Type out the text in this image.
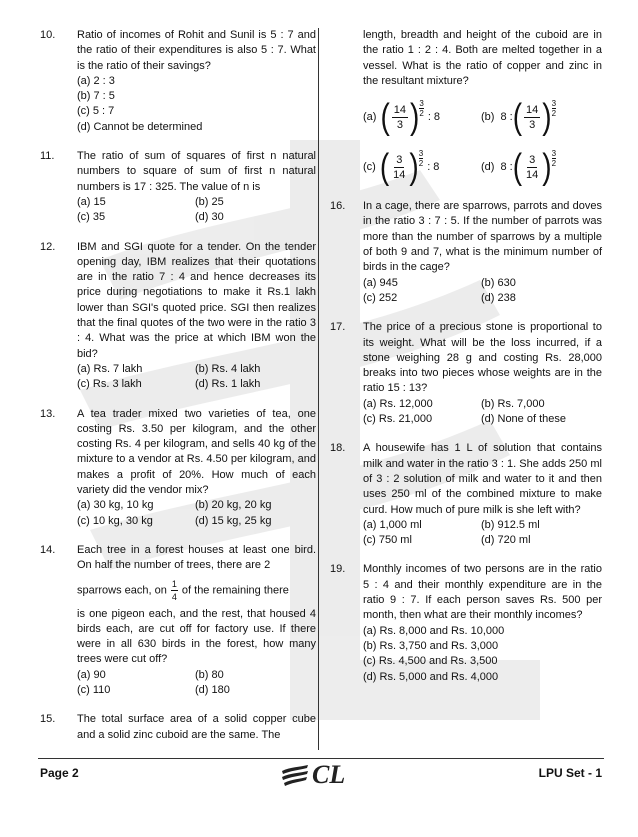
10. Ratio of incomes of Rohit and Sunil is 5 : 7 and the ratio of their expenditures is also 5 : 7. What is the ratio of their savings?
(a) 2 : 3
(b) 7 : 5
(c) 5 : 7
(d) Cannot be determined
11. The ratio of sum of squares of first n natural numbers to square of sum of first n natural numbers is 17 : 325. The value of n is
(a) 15	(b) 25
(c) 35	(d) 30
12. IBM and SGI quote for a tender. On the tender opening day, IBM realizes that their quotations are in the ratio 7 : 4 and hence decreases its price during negotiations to make it Rs.1 lakh lower than SGI's quoted price. SGI then realizes that the final quotes of the two were in the ratio 3 : 4. What was the price at which IBM won the bid?
(a) Rs. 7 lakh	(b) Rs. 4 lakh
(c) Rs. 3 lakh	(d) Rs. 1 lakh
13. A tea trader mixed two varieties of tea, one costing Rs. 3.50 per kilogram, and the other costing Rs. 4 per kilogram, and sells 40 kg of the mixture to a vendor at Rs. 4.50 per kilogram, and makes a profit of 20%. How much of each variety did the vendor mix?
(a) 30 kg, 10 kg	(b) 20 kg, 20 kg
(c) 10 kg, 30 kg	(d) 15 kg, 25 kg
14. Each tree in a forest houses at least one bird. On half the number of trees, there are 2
sparrows each, on $\frac{1}{4}$ of the remaining there
is one pigeon each, and the rest, that housed 4 birds each, are cut off for factory use. If there were in all 630 birds in the forest, how many trees were cut off?
(a) 90	(b) 80
(c) 110	(d) 180
15. The total surface area of a solid copper cube and a solid zinc cuboid are the same. The
length, breadth and height of the cuboid are in the ratio 1 : 2 : 4. Both are melted together in a vessel. What is the ratio of copper and zinc in the resultant mixture?
(a) ( $\frac{14}{3}$ ) $\frac{3}{2}$ : 8	(b) 8 : ( $\frac{14}{3}$ ) $\frac{3}{2}$
(c) ( $\frac{3}{14}$ ) $\frac{3}{2}$ : 8	(d) 8 : ( $\frac{3}{14}$ ) $\frac{3}{2}$
16. In a cage, there are sparrows, parrots and doves in the ratio 3 : 7 : 5. If the number of parrots was more than the number of sparrows by a multiple of both 9 and 7, what is the minimum number of birds in the cage?
(a) 945	(b) 630
(c) 252	(d) 238
17. The price of a precious stone is proportional to its weight. What will be the loss incurred, if a stone weighing 28 g and costing Rs. 28,000 breaks into two pieces whose weights are in the ratio 15 : 13?
(a) Rs. 12,000	(b) Rs. 7,000
(c) Rs. 21,000	(d) None of these
18. A housewife has 1 L of solution that contains milk and water in the ratio 3 : 1. She adds 250 ml of 3 : 2 solution of milk and water to it and then uses 250 ml of the combined mixture to make curd. How much of pure milk is she left with?
(a) 1,000 ml	(b) 912.5 ml
(c) 750 ml	(d) 720 ml
19. Monthly incomes of two persons are in the ratio 5 : 4 and their monthly expenditure are in the ratio 9 : 7. If each person saves Rs. 500 per month, then what are their monthly incomes?
(a) Rs. 8,000 and Rs. 10,000
(b) Rs. 3,750 and Rs. 3,000
(c) Rs. 4,500 and Rs. 3,500
(d) Rs. 5,000 and Rs. 4,000
Page 2	CL	LPU Set - 1
